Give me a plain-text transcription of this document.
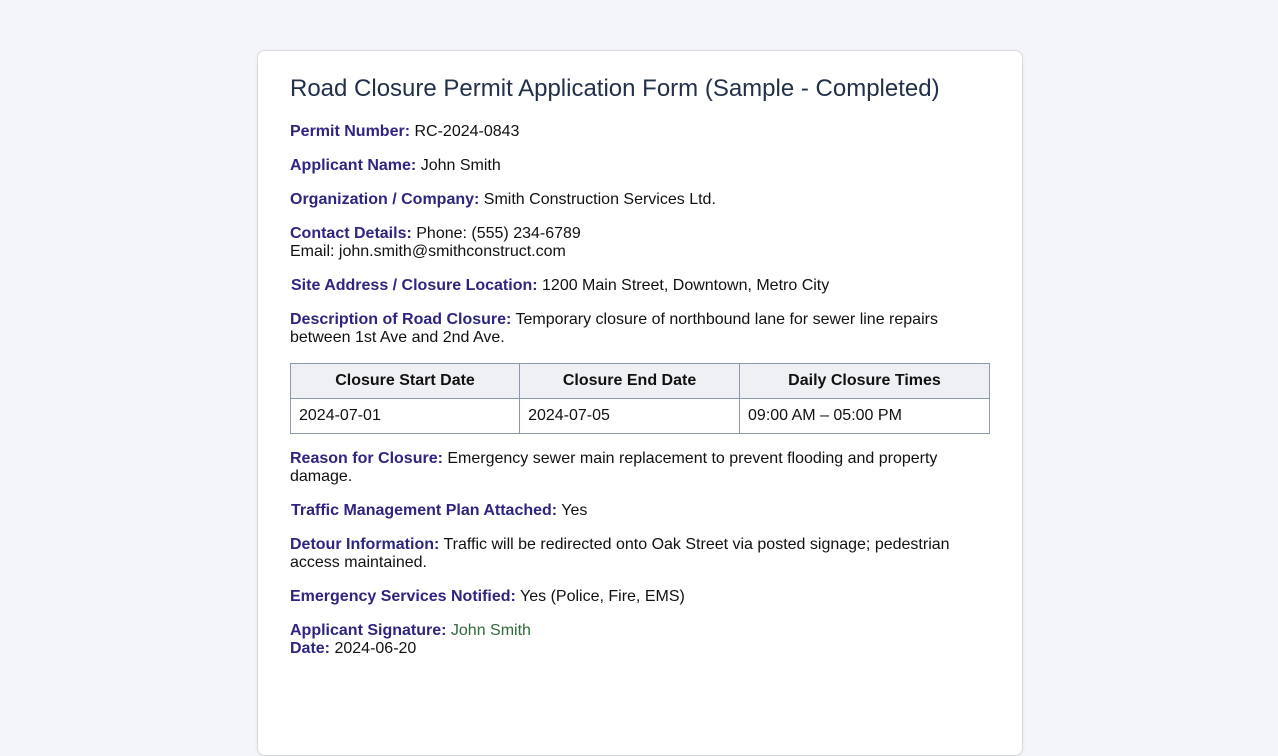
Road Closure Permit Application Form (Sample - Completed)

Permit Number: RC-2024-0843

Applicant Name: John Smith

Organization / Company: Smith Construction Services Ltd.

Contact Details: Phone: (555) 234-6789
Email: john.smith@smithconstruct.com

Site Address / Closure Location: 1200 Main Street, Downtown, Metro City

Description of Road Closure: Temporary closure of northbound lane for sewer line repairs between 1st Ave and 2nd Ave.

Closure Start Date	Closure End Date	Daily Closure Times
2024-07-01	2024-07-05	09:00 AM – 05:00 PM

Reason for Closure: Emergency sewer main replacement to prevent flooding and property damage.

Traffic Management Plan Attached: Yes

Detour Information: Traffic will be redirected onto Oak Street via posted signage; pedestrian access maintained.

Emergency Services Notified: Yes (Police, Fire, EMS)

Applicant Signature: John Smith
Date: 2024-06-20
